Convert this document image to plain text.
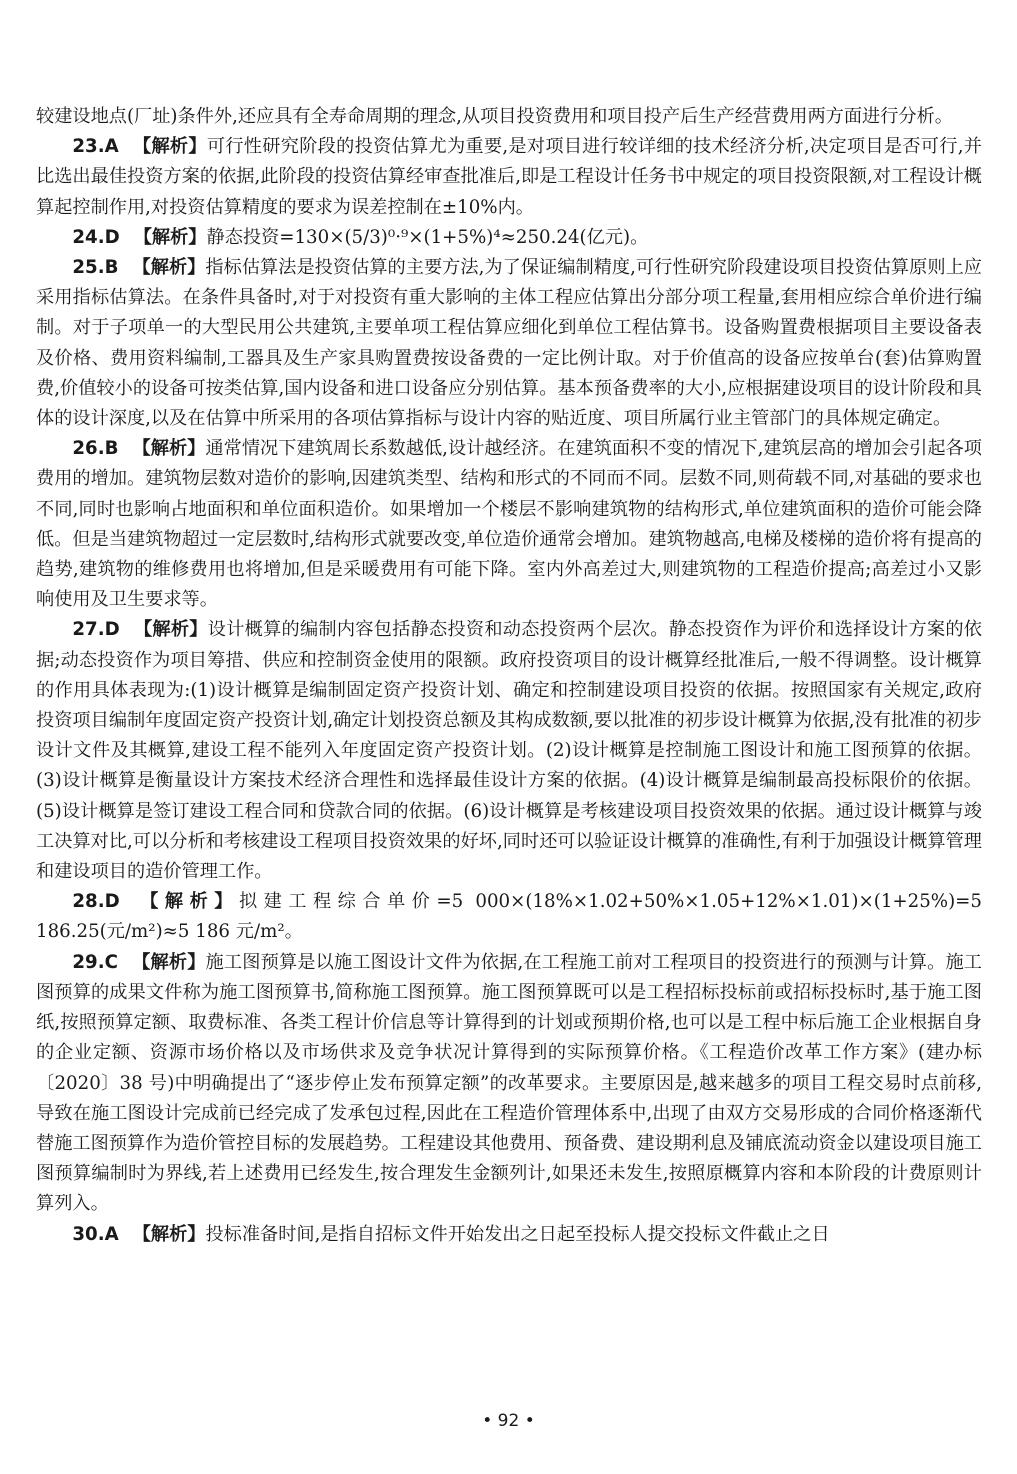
较建设地点(厂址)条件外,还应具有全寿命周期的理念,从项目投资费用和项目投产后生产经营费用两方面进行分析。

23.A 【解析】可行性研究阶段的投资估算尤为重要,是对项目进行较详细的技术经济分析,决定项目是否可行,并比选出最佳投资方案的依据,此阶段的投资估算经审查批准后,即是工程设计任务书中规定的项目投资限额,对工程设计概算起控制作用,对投资估算精度的要求为误差控制在±10%内。

24.D 【解析】静态投资=130×(5/3)⁰·⁹×(1+5%)⁴≈250.24(亿元)。

25.B 【解析】指标估算法是投资估算的主要方法,为了保证编制精度,可行性研究阶段建设项目投资估算原则上应采用指标估算法。在条件具备时,对于对投资有重大影响的主体工程应估算出分部分项工程量,套用相应综合单价进行编制。对于子项单一的大型民用公共建筑,主要单项工程估算应细化到单位工程估算书。设备购置费根据项目主要设备表及价格、费用资料编制,工器具及生产家具购置费按设备费的一定比例计取。对于价值高的设备应按单台(套)估算购置费,价值较小的设备可按类估算,国内设备和进口设备应分别估算。基本预备费率的大小,应根据建设项目的设计阶段和具体的设计深度,以及在估算中所采用的各项估算指标与设计内容的贴近度、项目所属行业主管部门的具体规定确定。

26.B 【解析】通常情况下建筑周长系数越低,设计越经济。在建筑面积不变的情况下,建筑层高的增加会引起各项费用的增加。建筑物层数对造价的影响,因建筑类型、结构和形式的不同而不同。层数不同,则荷载不同,对基础的要求也不同,同时也影响占地面积和单位面积造价。如果增加一个楼层不影响建筑物的结构形式,单位建筑面积的造价可能会降低。但是当建筑物超过一定层数时,结构形式就要改变,单位造价通常会增加。建筑物越高,电梯及楼梯的造价将有提高的趋势,建筑物的维修费用也将增加,但是采暖费用有可能下降。室内外高差过大,则建筑物的工程造价提高;高差过小又影响使用及卫生要求等。

27.D 【解析】设计概算的编制内容包括静态投资和动态投资两个层次。静态投资作为评价和选择设计方案的依据;动态投资作为项目筹措、供应和控制资金使用的限额。政府投资项目的设计概算经批准后,一般不得调整。设计概算的作用具体表现为:(1)设计概算是编制固定资产投资计划、确定和控制建设项目投资的依据。按照国家有关规定,政府投资项目编制年度固定资产投资计划,确定计划投资总额及其构成数额,要以批准的初步设计概算为依据,没有批准的初步设计文件及其概算,建设工程不能列入年度固定资产投资计划。(2)设计概算是控制施工图设计和施工图预算的依据。(3)设计概算是衡量设计方案技术经济合理性和选择最佳设计方案的依据。(4)设计概算是编制最高投标限价的依据。(5)设计概算是签订建设工程合同和贷款合同的依据。(6)设计概算是考核建设项目投资效果的依据。通过设计概算与竣工决算对比,可以分析和考核建设工程项目投资效果的好坏,同时还可以验证设计概算的准确性,有利于加强设计概算管理和建设项目的造价管理工作。

28.D 【解析】拟建工程综合单价=5 000×(18%×1.02+50%×1.05+12%×1.01)×(1+25%)=5 186.25(元/m²)≈5 186 元/m²。

29.C 【解析】施工图预算是以施工图设计文件为依据,在工程施工前对工程项目的投资进行的预测与计算。施工图预算的成果文件称为施工图预算书,简称施工图预算。施工图预算既可以是工程招标投标前或招标投标时,基于施工图纸,按照预算定额、取费标准、各类工程计价信息等计算得到的计划或预期价格,也可以是工程中标后施工企业根据自身的企业定额、资源市场价格以及市场供求及竞争状况计算得到的实际预算价格。《工程造价改革工作方案》(建办标〔2020〕38 号)中明确提出了“逐步停止发布预算定额”的改革要求。主要原因是,越来越多的项目工程交易时点前移,导致在施工图设计完成前已经完成了发承包过程,因此在工程造价管理体系中,出现了由双方交易形成的合同价格逐渐代替施工图预算作为造价管控目标的发展趋势。工程建设其他费用、预备费、建设期利息及铺底流动资金以建设项目施工图预算编制时为界线,若上述费用已经发生,按合理发生金额列计,如果还未发生,按照原概算内容和本阶段的计费原则计算列入。

30.A 【解析】投标准备时间,是指自招标文件开始发出之日起至投标人提交投标文件截止之日

• 92 •
